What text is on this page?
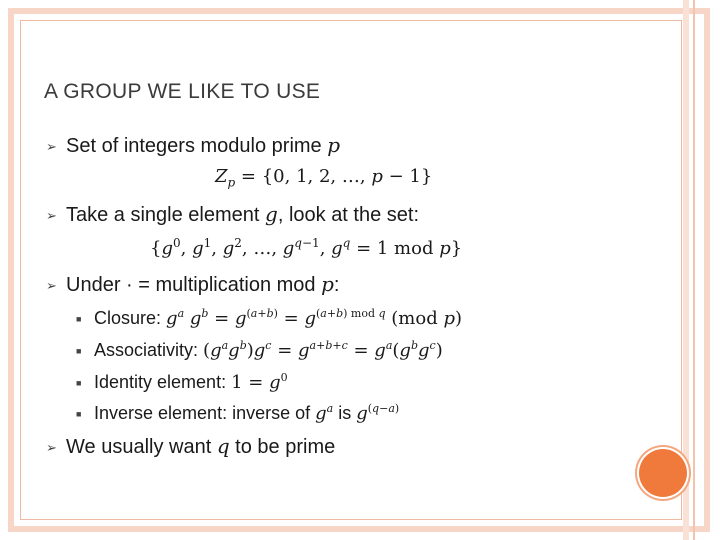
A GROUP WE LIKE TO USE
➢ Set of integers modulo prime p
$Z_p = \{0$, 1, 2, …, p − 1}
➢ Take a single element g, look at the set:
{$g^0$, $g^1$, $g^2$, …, $g^{q-1}$, $g^q = 1$ mod p}
➢ Under · = multiplication mod p:
■ Closure: $g^a$ $g^b = g^{(a+b)} = g^{(a+b) mod q}$ (mod p)
■ Associativity: $(g^ag^b)g^c = g^{a+b+c} = g^a(g^bg^c)$
■ Identity element: $1 = g^0$
■ Inverse element: inverse of $g^a$ is $g^{(q-a)}$
➢ We usually want q to be prime
